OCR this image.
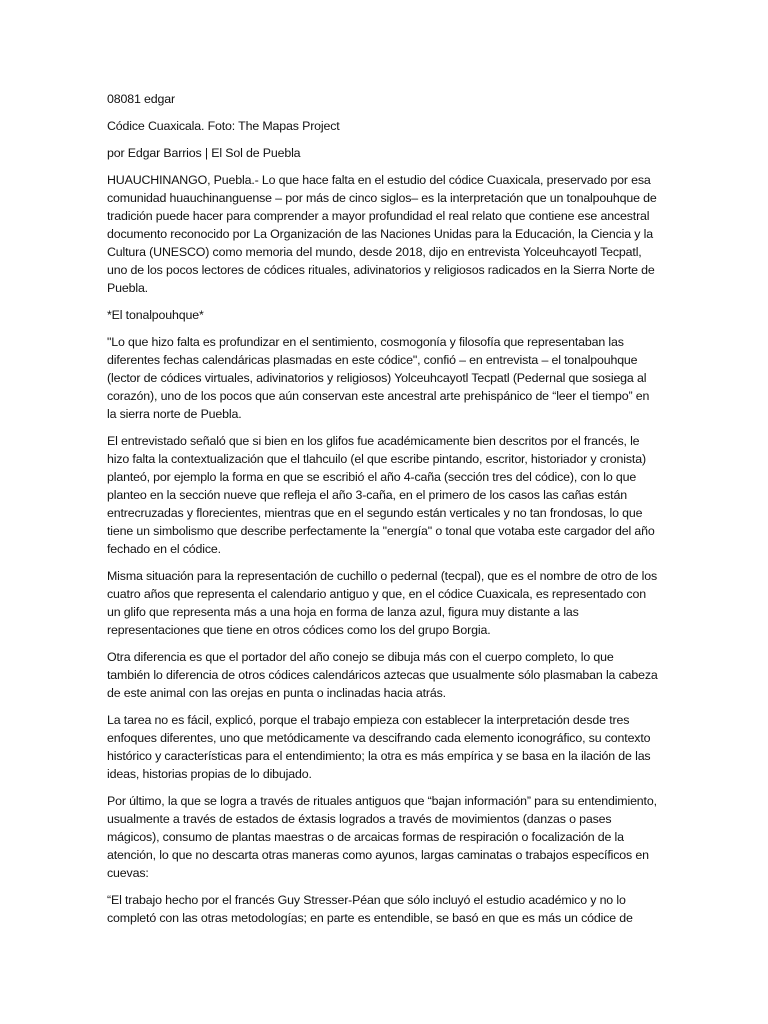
08081 edgar

Códice Cuaxicala. Foto: The Mapas Project

por Edgar Barrios | El Sol de Puebla

HUAUCHINANGO, Puebla.- Lo que hace falta en el estudio del códice Cuaxicala, preservado por esa comunidad huauchinanguense – por más de cinco siglos– es la interpretación que un tonalpouhque de tradición puede hacer para comprender a mayor profundidad el real relato que contiene ese ancestral documento reconocido por La Organización de las Naciones Unidas para la Educación, la Ciencia y la Cultura (UNESCO) como memoria del mundo, desde 2018, dijo en entrevista Yolceuhcayotl Tecpatl, uno de los pocos lectores de códices rituales, adivinatorios y religiosos radicados en la Sierra Norte de Puebla.

*El tonalpouhque*

"Lo que hizo falta es profundizar en el sentimiento, cosmogonía y filosofía que representaban las diferentes fechas calendáricas plasmadas en este códice", confió – en entrevista – el tonalpouhque (lector de códices virtuales, adivinatorios y religiosos) Yolceuhcayotl Tecpatl (Pedernal que sosiega al corazón), uno de los pocos que aún conservan este ancestral arte prehispánico de “leer el tiempo” en la sierra norte de Puebla.

El entrevistado señaló que si bien en los glifos fue académicamente bien descritos por el francés, le hizo falta la contextualización que el tlahcuilo (el que escribe pintando, escritor, historiador y cronista) planteó, por ejemplo la forma en que se escribió el año 4-caña (sección tres del códice), con lo que planteo en la sección nueve que refleja el año 3-caña, en el primero de los casos las cañas están entrecruzadas y florecientes, mientras que en el segundo están verticales y no tan frondosas, lo que tiene un simbolismo que describe perfectamente la "energía" o tonal que votaba este cargador del año fechado en el códice.

Misma situación para la representación de cuchillo o pedernal (tecpal), que es el nombre de otro de los cuatro años que representa el calendario antiguo y que, en el códice Cuaxicala, es representado con un glifo que representa más a una hoja en forma de lanza azul, figura muy distante a las representaciones que tiene en otros códices como los del grupo Borgia.

Otra diferencia es que el portador del año conejo se dibuja más con el cuerpo completo, lo que también lo diferencia de otros códices calendáricos aztecas que usualmente sólo plasmaban la cabeza de este animal con las orejas en punta o inclinadas hacia atrás.

La tarea no es fácil, explicó, porque el trabajo empieza con establecer la interpretación desde tres enfoques diferentes, uno que metódicamente va descifrando cada elemento iconográfico, su contexto histórico y características para el entendimiento; la otra es más empírica y se basa en la ilación de las ideas, historias propias de lo dibujado.

Por último, la que se logra a través de rituales antiguos que “bajan información” para su entendimiento, usualmente a través de estados de éxtasis logrados a través de movimientos (danzas o pases mágicos), consumo de plantas maestras o de arcaicas formas de respiración o focalización de la atención, lo que no descarta otras maneras como ayunos, largas caminatas o trabajos específicos en cuevas:

“El trabajo hecho por el francés Guy Stresser-Péan que sólo incluyó el estudio académico y no lo completó con las otras metodologías; en parte es entendible, se basó en que es más un códice de
